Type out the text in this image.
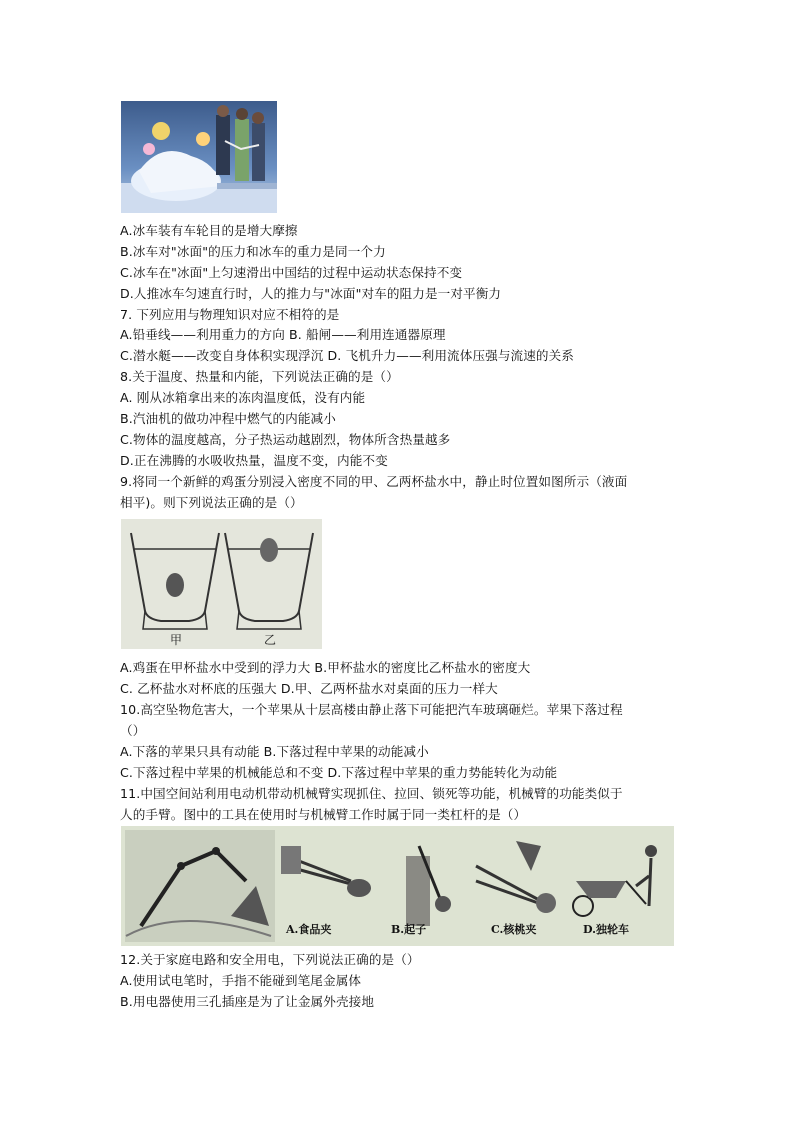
A.冰车装有车轮目的是增大摩擦
B.冰车对"冰面"的压力和冰车的重力是同一个力
C.冰车在"冰面"上匀速滑出中国结的过程中运动状态保持不变
D.人推冰车匀速直行时，人的推力与"冰面"对车的阻力是一对平衡力
7. 下列应用与物理知识对应不相符的是
A.铅垂线——利用重力的方向 B. 船闸——利用连通器原理
C.潜水艇——改变自身体积实现浮沉 D. 飞机升力——利用流体压强与流速的关系
8.关于温度、热量和内能，下列说法正确的是（）
A. 刚从冰箱拿出来的冻肉温度低，没有内能
B.汽油机的做功冲程中燃气的内能减小
C.物体的温度越高，分子热运动越剧烈，物体所含热量越多
D.正在沸腾的水吸收热量，温度不变，内能不变
9.将同一个新鲜的鸡蛋分别浸入密度不同的甲、乙两杯盐水中，静止时位置如图所示（液面
相平)。则下列说法正确的是（）
甲	乙
A.鸡蛋在甲杯盐水中受到的浮力大 B.甲杯盐水的密度比乙杯盐水的密度大
C. 乙杯盐水对杯底的压强大 D.甲、乙两杯盐水对桌面的压力一样大
10.高空坠物危害大，一个苹果从十层高楼由静止落下可能把汽车玻璃砸烂。苹果下落过程
（）
A.下落的苹果只具有动能 B.下落过程中苹果的动能减小
C.下落过程中苹果的机械能总和不变 D.下落过程中苹果的重力势能转化为动能
11.中国空间站利用电动机带动机械臂实现抓住、拉回、锁死等功能，机械臂的功能类似于
人的手臂。图中的工具在使用时与机械臂工作时属于同一类杠杆的是（）
A.食品夹	B.起子	C.核桃夹	D.独轮车
12.关于家庭电路和安全用电，下列说法正确的是（）
A.使用试电笔时，手指不能碰到笔尾金属体
B.用电器使用三孔插座是为了让金属外壳接地
